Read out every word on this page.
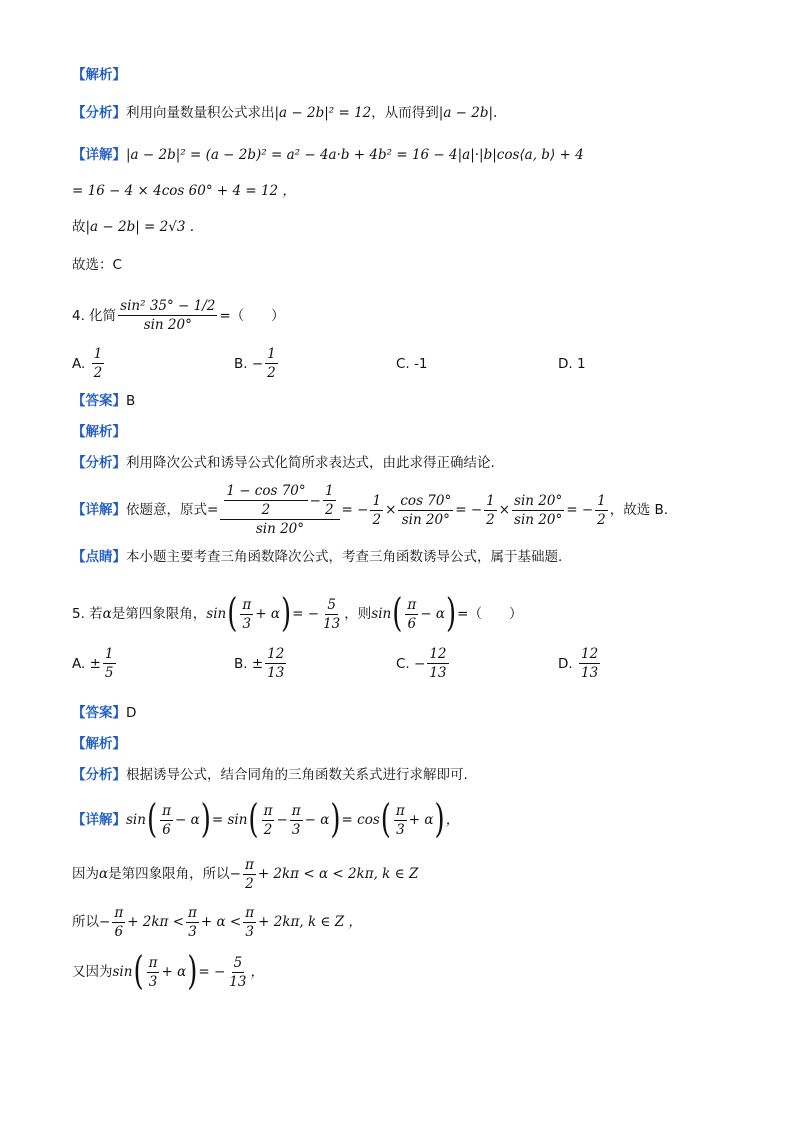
【解析】
【分析】 利用向量数量积公式求出 |a − 2b|² = 12 ，从而得到 |a − 2b|.
【详解】 |a − 2b|² = (a − 2b)² = a² − 4a·b + 4b² = 16 − 4|a|·|b|cos⟨a, b⟩ + 4
= 16 − 4 × 4cos 60° + 4 = 12 ，
故 |a − 2b| = 2√3 .
故选：C
4. 化简 $\frac{\text{sin² 35° − 1/2}}{\sin 20^\circ}$ =（　　）
A.
$\frac{1}{2}$	B.
− $\frac{1}{2}$	C.
-1	D.
1
【答案】 B
【解析】
【分析】 利用降次公式和诱导公式化简所求表达式，由此求得正确结论.
【详解】 依题意，原式 = $\frac{\frac{1 - \cos 70^\circ}{2} - \frac{1}{2}}{\sin 20^\circ}$ = − $\frac{1}{2} \times \frac{\cos 70^\circ}{\sin 20^\circ}$ = − $\frac{1}{2} \times \frac{\sin 20^\circ}{\sin 20^\circ}$ = − $\frac{1}{2}$ ，故选 B.
【点睛】 本小题主要考查三角函数降次公式，考查三角函数诱导公式，属于基础题.
5. 若 α 是第四象限角， sin ( $\frac{\pi}{3} + \alpha$ ) = − $\frac{5}{13}$ ，则 sin ( $\frac{\pi}{6} - \alpha$ ) =（　　）
A.
± $\frac{1}{5}$	B.
± $\frac{12}{13}$	C.
− $\frac{12}{13}$	D.
$\frac{12}{13}$
【答案】 D
【解析】
【分析】 根据诱导公式，结合同角的三角函数关系式进行求解即可.
【详解】 sin ( $\frac{\pi}{6} - \alpha$ ) = sin ( $\frac{\pi}{2} - \frac{\pi}{3} - \alpha$ ) = cos ( $\frac{\pi}{3} + \alpha$ ) ，
因为 α 是第四象限角，所以 − $\frac{\pi}{2} + 2k\pi < \alpha < 2k\pi$, k ∈ Z
所以 − $\frac{\pi}{6} + 2k\pi < \frac{\pi}{3} + \alpha < \frac{\pi}{3} + 2k\pi$, k ∈ Z ，
又因为 sin ( $\frac{\pi}{3} + \alpha$ ) = − $\frac{5}{13}$ ，
